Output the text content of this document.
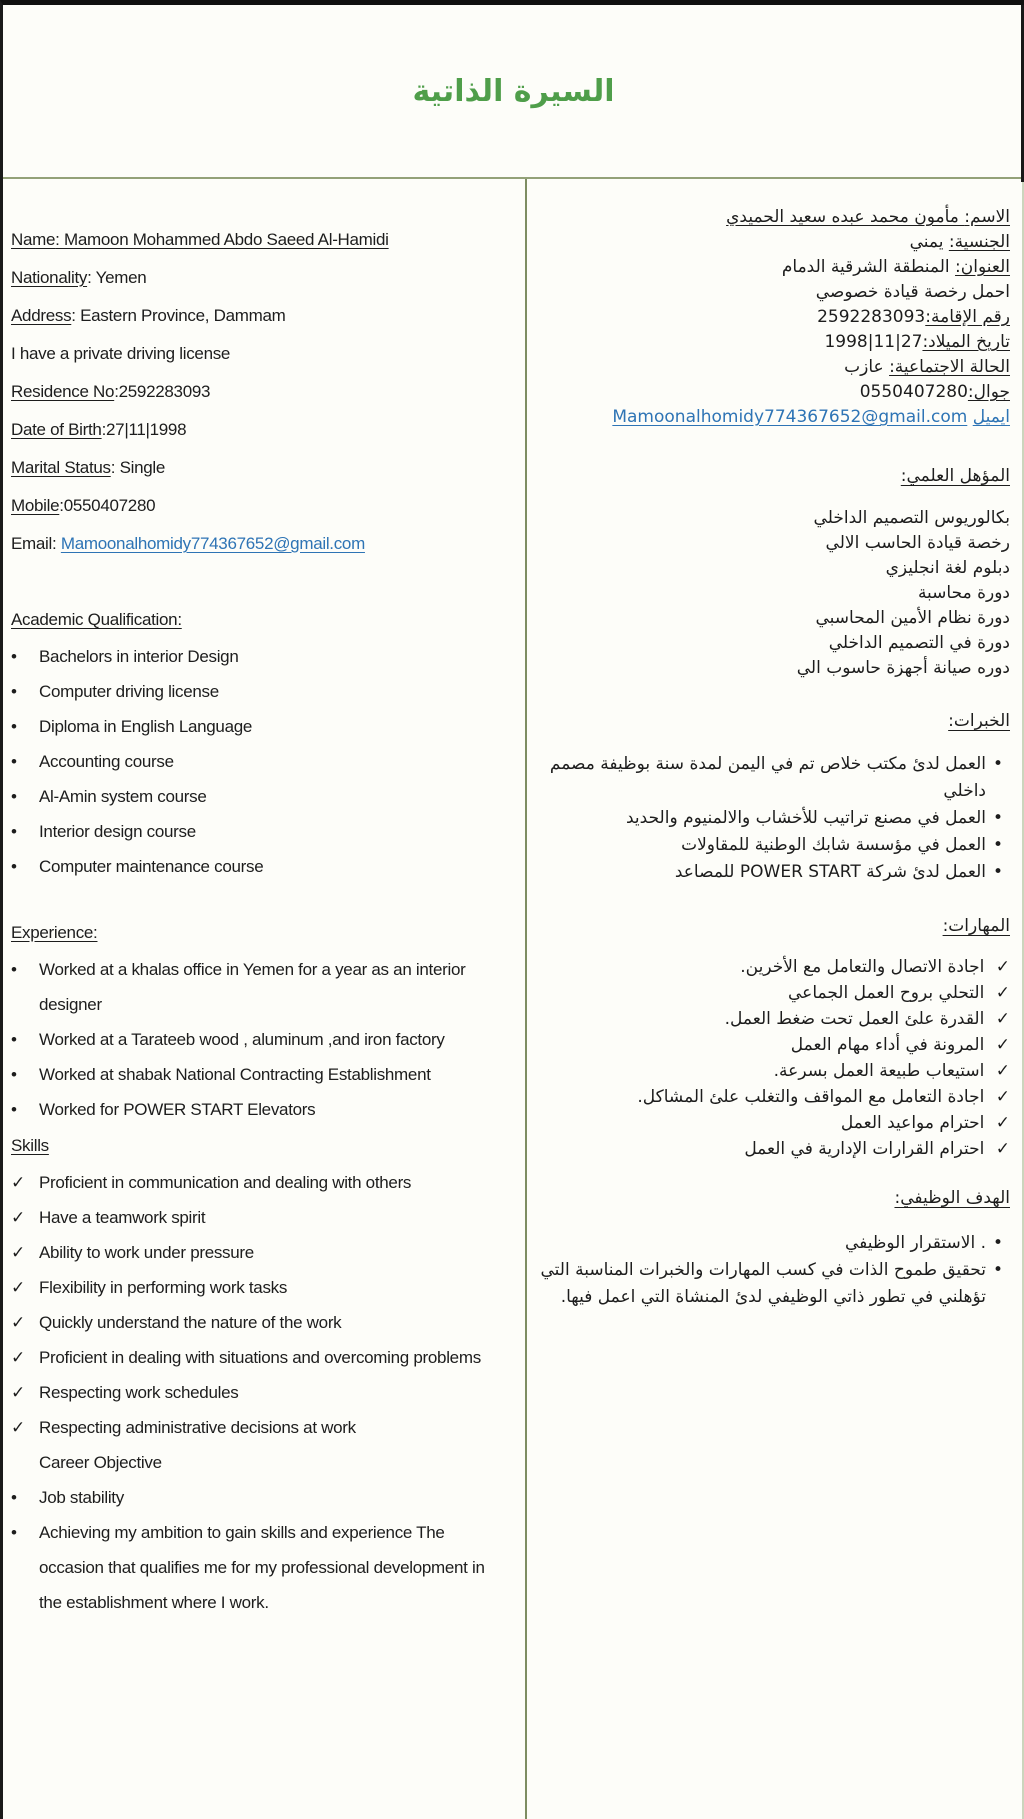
السيرة الذاتية
Name: Mamoon Mohammed Abdo Saeed Al-Hamidi
Nationality: Yemen
Address: Eastern Province, Dammam
I have a private driving license
Residence No:2592283093
Date of Birth:27|11|1998
Marital Status: Single
Mobile:0550407280
Email: Mamoonalhomidy774367652@gmail.com
Academic Qualification:
•	Bachelors in interior Design
•	Computer driving license
•	Diploma in English Language
•	Accounting course
•	Al-Amin system course
•	Interior design course
•	Computer maintenance course
Experience:
•	Worked at a khalas office in Yemen for a year as an interior designer
•	Worked at a Tarateeb wood , aluminum ,and iron factory
•	Worked at shabak National Contracting Establishment
•	Worked for POWER START Elevators
Skills
✓ Proficient in communication and dealing with others
✓ Have a teamwork spirit
✓ Ability to work under pressure
✓ Flexibility in performing work tasks
✓ Quickly understand the nature of the work
✓ Proficient in dealing with situations and overcoming problems
✓ Respecting work schedules
✓ Respecting administrative decisions at work
Career Objective
•	Job stability
•	Achieving my ambition to gain skills and experience The occasion that qualifies me for my professional development in the establishment where I work.
الاسم: مأمون محمد عبده سعيد الحميدي
الجنسية: يمني
العنوان: المنطقة الشرقية الدمام
احمل رخصة قيادة خصوصي
رقم الإقامة:2592283093
تاريخ الميلاد:27|11|1998
الحالة الاجتماعية: عازب
جوال:0550407280
ايميل Mamoonalhomidy774367652@gmail.com
المؤهل العلمي:
بكالوريوس التصميم الداخلي
رخصة قيادة الحاسب الالي
دبلوم لغة انجليزي
دورة محاسبة
دورة نظام الأمين المحاسبي
دورة في التصميم الداخلي
دوره صيانة أجهزة حاسوب الي
الخبرات:
•
العمل لدئ مكتب خلاص تم في اليمن لمدة سنة بوظيفة مصمم داخلي
•
العمل في مصنع تراتيب للأخشاب والالمنيوم والحديد
•
العمل في مؤسسة شابك الوطنية للمقاولات
•
العمل لدئ شركة POWER START للمصاعد
المهارات:
✓ اجادة الاتصال والتعامل مع الأخرين.
✓ التحلي بروح العمل الجماعي
✓ القدرة علئ العمل تحت ضغط العمل.
✓ المرونة في أداء مهام العمل
✓ استيعاب طبيعة العمل بسرعة.
✓ اجادة التعامل مع المواقف والتغلب علئ المشاكل.
✓ احترام مواعيد العمل
✓ احترام القرارات الإدارية في العمل
الهدف الوظيفي:
•
. الاستقرار الوظيفي
•
تحقيق طموح الذات في كسب المهارات والخبرات المناسبة التي تؤهلني في تطور ذاتي الوظيفي لدئ المنشاة التي اعمل فيها.
